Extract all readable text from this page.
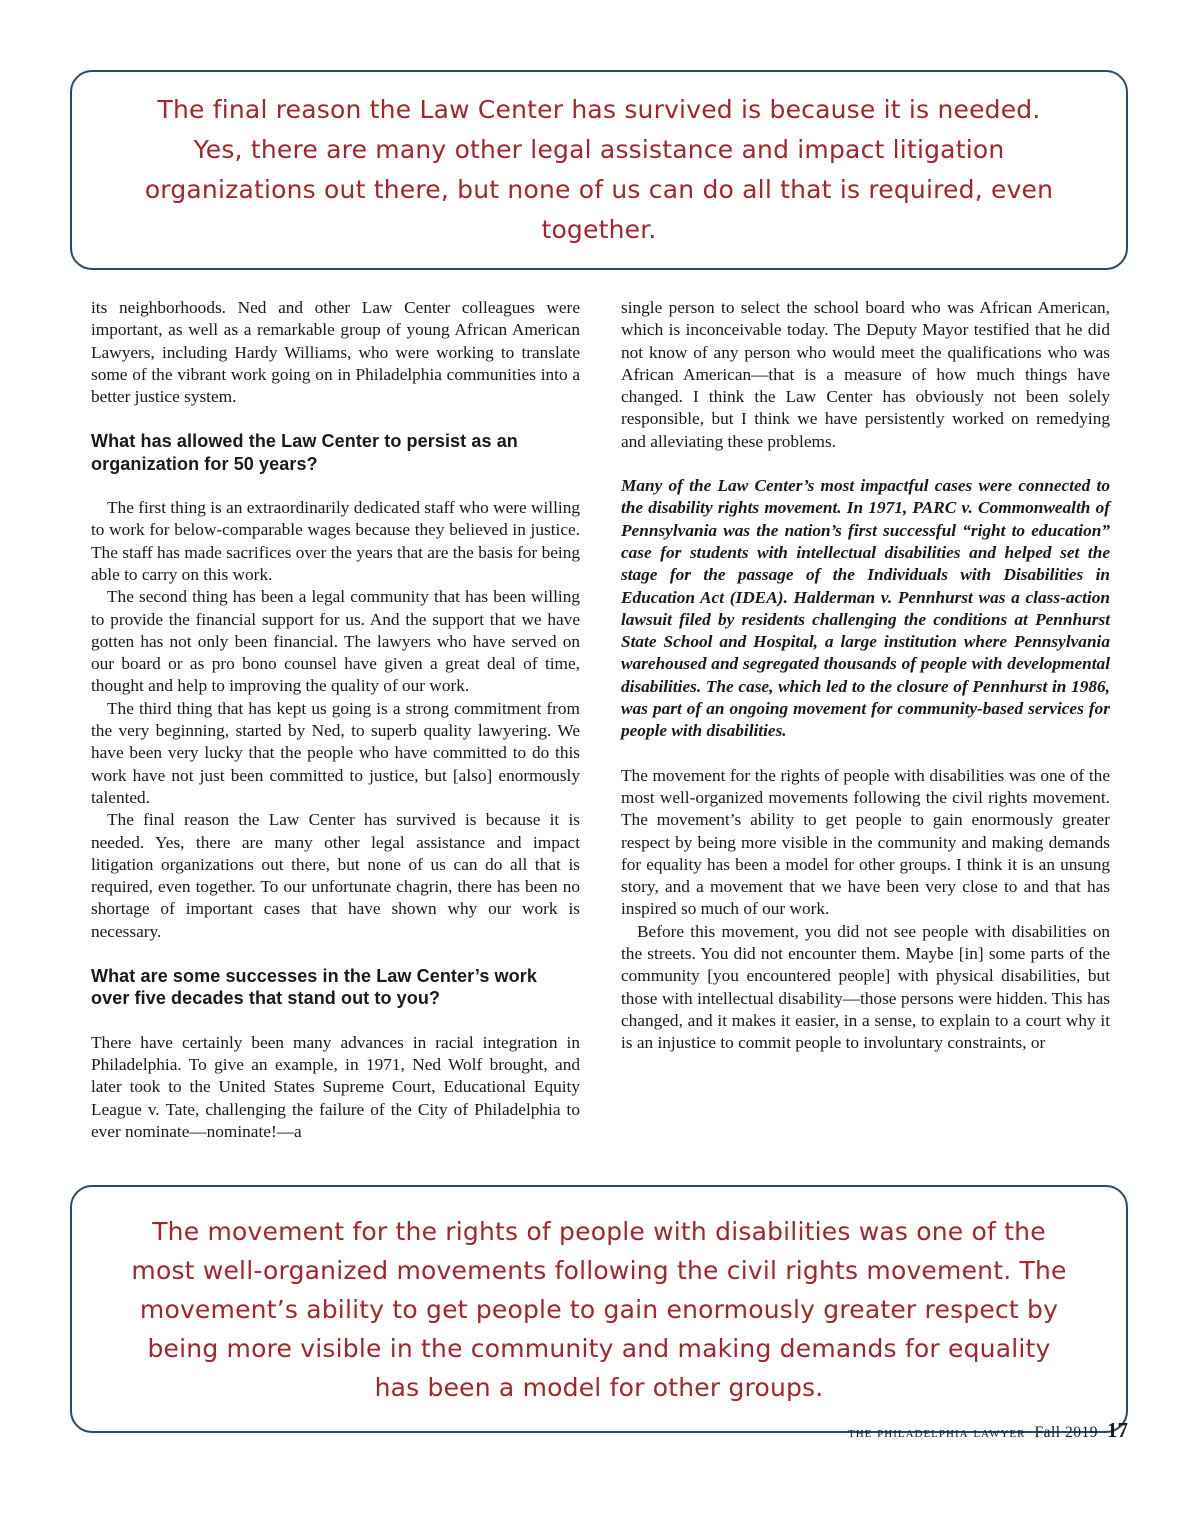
The final reason the Law Center has survived is because it is needed. Yes, there are many other legal assistance and impact litigation organizations out there, but none of us can do all that is required, even together.

its neighborhoods. Ned and other Law Center colleagues were important, as well as a remarkable group of young African American Lawyers, including Hardy Williams, who were working to translate some of the vibrant work going on in Philadelphia communities into a better justice system.

What has allowed the Law Center to persist as an organization for 50 years?

The first thing is an extraordinarily dedicated staff who were willing to work for below-comparable wages because they believed in justice. The staff has made sacrifices over the years that are the basis for being able to carry on this work.

The second thing has been a legal community that has been willing to provide the financial support for us. And the support that we have gotten has not only been financial. The lawyers who have served on our board or as pro bono counsel have given a great deal of time, thought and help to improving the quality of our work.

The third thing that has kept us going is a strong commitment from the very beginning, started by Ned, to superb quality lawyering. We have been very lucky that the people who have committed to do this work have not just been committed to justice, but [also] enormously talented.

The final reason the Law Center has survived is because it is needed. Yes, there are many other legal assistance and impact litigation organizations out there, but none of us can do all that is required, even together. To our unfortunate chagrin, there has been no shortage of important cases that have shown why our work is necessary.

What are some successes in the Law Center’s work over five decades that stand out to you?

There have certainly been many advances in racial integration in Philadelphia. To give an example, in 1971, Ned Wolf brought, and later took to the United States Supreme Court, Educational Equity League v. Tate, challenging the failure of the City of Philadelphia to ever nominate—nominate!—a

single person to select the school board who was African American, which is inconceivable today. The Deputy Mayor testified that he did not know of any person who would meet the qualifications who was African American—that is a measure of how much things have changed. I think the Law Center has obviously not been solely responsible, but I think we have persistently worked on remedying and alleviating these problems.

Many of the Law Center’s most impactful cases were connected to the disability rights movement. In 1971, PARC v. Commonwealth of Pennsylvania was the nation’s first successful “right to education” case for students with intellectual disabilities and helped set the stage for the passage of the Individuals with Disabilities in Education Act (IDEA). Halderman v. Pennhurst was a class-action lawsuit filed by residents challenging the conditions at Pennhurst State School and Hospital, a large institution where Pennsylvania warehoused and segregated thousands of people with developmental disabilities. The case, which led to the closure of Pennhurst in 1986, was part of an ongoing movement for community-based services for people with disabilities.

The movement for the rights of people with disabilities was one of the most well-organized movements following the civil rights movement. The movement’s ability to get people to gain enormously greater respect by being more visible in the community and making demands for equality has been a model for other groups. I think it is an unsung story, and a movement that we have been very close to and that has inspired so much of our work.

Before this movement, you did not see people with disabilities on the streets. You did not encounter them. Maybe [in] some parts of the community [you encountered people] with physical disabilities, but those with intellectual disability—those persons were hidden. This has changed, and it makes it easier, in a sense, to explain to a court why it is an injustice to commit people to involuntary constraints, or

The movement for the rights of people with disabilities was one of the most well-organized movements following the civil rights movement. The movement’s ability to get people to gain enormously greater respect by being more visible in the community and making demands for equality has been a model for other groups.
the philadelphia lawyer Fall 2019 17
